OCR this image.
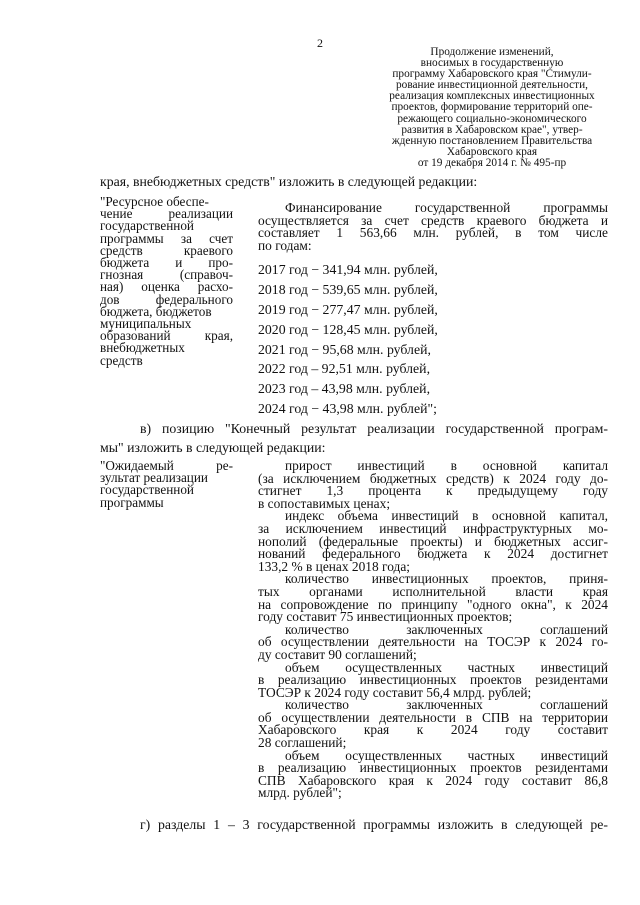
2
Продолжение изменений,
вносимых в государственную
программу Хабаровского края "Стимули-
рование инвестиционной деятельности,
реализация комплексных инвестиционных
проектов, формирование территорий опе-
режающего социально-экономического
развития в Хабаровском крае", утвер-
жденную постановлением Правительства
Хабаровского края
от 19 декабря 2014 г. № 495-пр
края, внебюджетных средств" изложить в следующей редакции:
"Ресурсное обеспе-
чение реализации
государственной
программы за счет
средств краевого
бюджета и про-
гнозная (справоч-
ная) оценка расхо-
дов федерального
бюджета, бюджетов
муниципальных
образований края,
внебюджетных
средств
Финансирование государственной программы
осуществляется за счет средств краевого бюджета и
составляет 1 563,66 млн. рублей, в том числе
по годам:
2017 год − 341,94 млн. рублей,
2018 год − 539,65 млн. рублей,
2019 год − 277,47 млн. рублей,
2020 год − 128,45 млн. рублей,
2021 год − 95,68 млн. рублей,
2022 год – 92,51 млн. рублей,
2023 год – 43,98 млн. рублей,
2024 год − 43,98 млн. рублей";
в) позицию "Конечный результат реализации государственной програм-
мы" изложить в следующей редакции:
"Ожидаемый ре-
зультат реализации
государственной
программы
прирост инвестиций в основной капитал
(за исключением бюджетных средств) к 2024 году до-
стигнет 1,3 процента к предыдущему году
в сопоставимых ценах;
индекс объема инвестиций в основной капитал,
за исключением инвестиций инфраструктурных мо-
нополий (федеральные проекты) и бюджетных ассиг-
нований федерального бюджета к 2024 достигнет
133,2 % в ценах 2018 года;
количество инвестиционных проектов, приня-
тых органами исполнительной власти края
на сопровождение по принципу "одного окна", к 2024
году составит 75 инвестиционных проектов;
количество заключенных соглашений
об осуществлении деятельности на ТОСЭР к 2024 го-
ду составит 90 соглашений;
объем осуществленных частных инвестиций
в реализацию инвестиционных проектов резидентами
ТОСЭР к 2024 году составит 56,4 млрд. рублей;
количество заключенных соглашений
об осуществлении деятельности в СПВ на территории
Хабаровского края к 2024 году составит
28 соглашений;
объем осуществленных частных инвестиций
в реализацию инвестиционных проектов резидентами
СПВ Хабаровского края к 2024 году составит 86,8
млрд. рублей";
г) разделы 1 – 3 государственной программы изложить в следующей ре-
